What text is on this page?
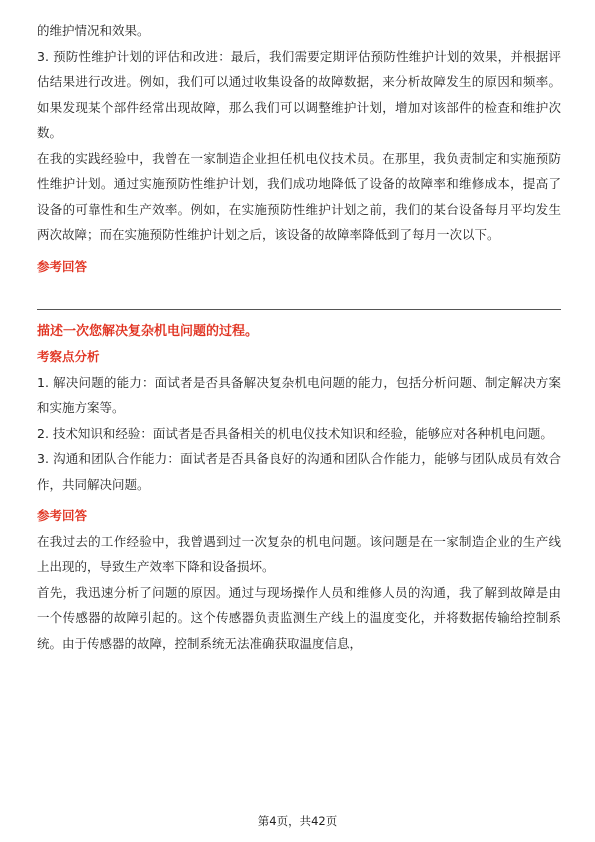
的维护情况和效果。

3. 预防性维护计划的评估和改进：最后，我们需要定期评估预防性维护计划的效果，并根据评估结果进行改进。例如，我们可以通过收集设备的故障数据，来分析故障发生的原因和频率。如果发现某个部件经常出现故障，那么我们可以调整维护计划，增加对该部件的检查和维护次数。

在我的实践经验中，我曾在一家制造企业担任机电仪技术员。在那里，我负责制定和实施预防性维护计划。通过实施预防性维护计划，我们成功地降低了设备的故障率和维修成本，提高了设备的可靠性和生产效率。例如，在实施预防性维护计划之前，我们的某台设备每月平均发生两次故障；而在实施预防性维护计划之后，该设备的故障率降低到了每月一次以下。

参考回答

描述一次您解决复杂机电问题的过程。

考察点分析

1. 解决问题的能力：面试者是否具备解决复杂机电问题的能力，包括分析问题、制定解决方案和实施方案等。

2. 技术知识和经验：面试者是否具备相关的机电仪技术知识和经验，能够应对各种机电问题。

3. 沟通和团队合作能力：面试者是否具备良好的沟通和团队合作能力，能够与团队成员有效合作，共同解决问题。

参考回答

在我过去的工作经验中，我曾遇到过一次复杂的机电问题。该问题是在一家制造企业的生产线上出现的，导致生产效率下降和设备损坏。

首先，我迅速分析了问题的原因。通过与现场操作人员和维修人员的沟通，我了解到故障是由一个传感器的故障引起的。这个传感器负责监测生产线上的温度变化，并将数据传输给控制系统。由于传感器的故障，控制系统无法准确获取温度信息，

第4页，共42页
